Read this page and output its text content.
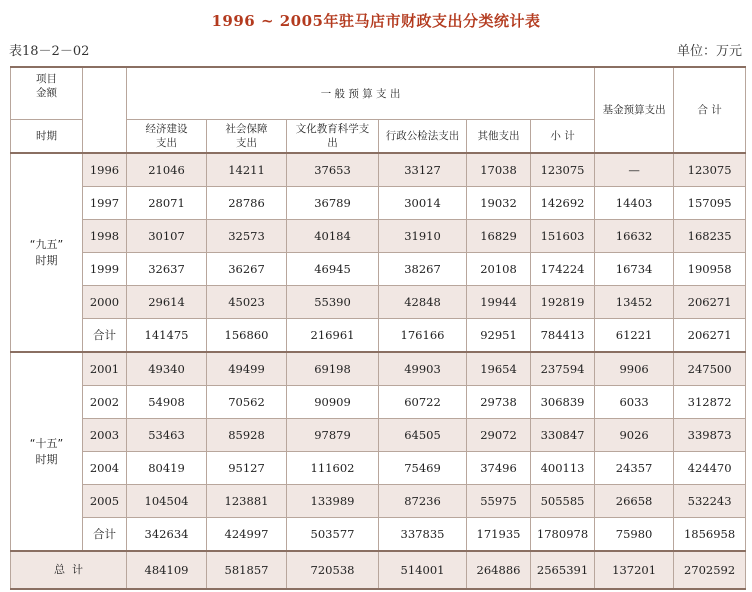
1996 ~ 2005年驻马店市财政支出分类统计表
表18－2－02	单位：万元
项目
金额		一 般 预 算 支 出						基金预算支出	合 计
时期		经济建设支出	社会保障支出	文化教育科学支出	行政公检法支出	其他支出	小 计		

“九五”
时期	1996	21046	14211	37653	33127	17038	123075	—	123075
	1997	28071	28786	36789	30014	19032	142692	14403	157095
	1998	30107	32573	40184	31910	16829	151603	16632	168235
	1999	32637	36267	46945	38267	20108	174224	16734	190958
	2000	29614	45023	55390	42848	19944	192819	13452	206271
	合计	141475	156860	216961	176166	92951	784413	61221	206271

“十五”
时期	2001	49340	49499	69198	49903	19654	237594	9906	247500
	2002	54908	70562	90909	60722	29738	306839	6033	312872
	2003	53463	85928	97879	64505	29072	330847	9026	339873
	2004	80419	95127	111602	75469	37496	400113	24357	424470
	2005	104504	123881	133989	87236	55975	505585	26658	532243
	合计	342634	424997	503577	337835	171935	1780978	75980	1856958
总  计		484109	581857	720538	514001	264886	2565391	137201	2702592
